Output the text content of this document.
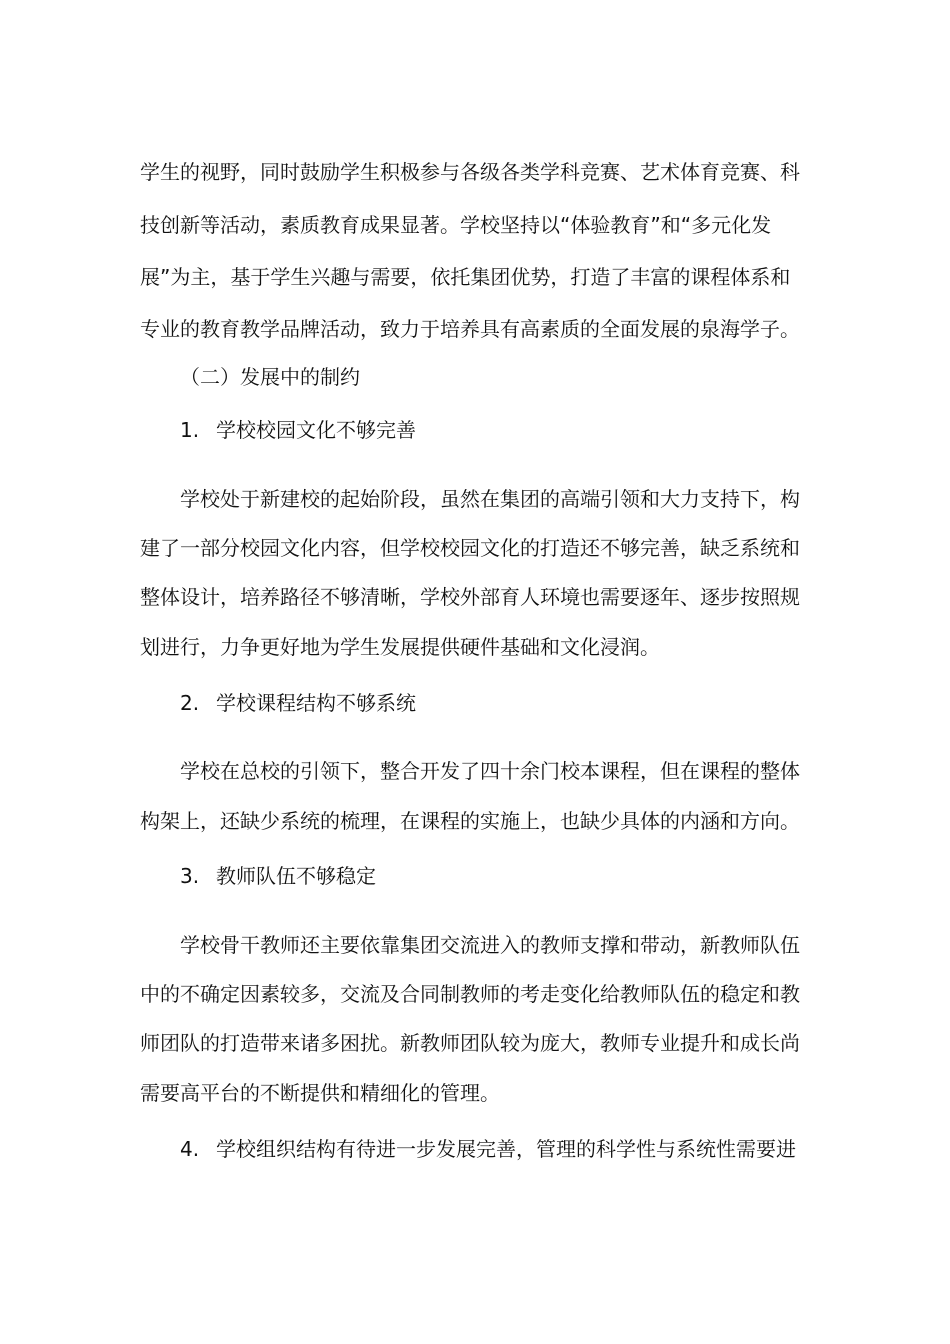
学生的视野，同时鼓励学生积极参与各级各类学科竞赛、艺术体育竞赛、科
技创新等活动，素质教育成果显著。学校坚持以“体验教育”和“多元化发
展”为主，基于学生兴趣与需要，依托集团优势，打造了丰富的课程体系和
专业的教育教学品牌活动，致力于培养具有高素质的全面发展的泉海学子。
（二）发展中的制约
1. 学校校园文化不够完善
学校处于新建校的起始阶段，虽然在集团的高端引领和大力支持下，构
建了一部分校园文化内容，但学校校园文化的打造还不够完善，缺乏系统和
整体设计，培养路径不够清晰，学校外部育人环境也需要逐年、逐步按照规
划进行，力争更好地为学生发展提供硬件基础和文化浸润。
2. 学校课程结构不够系统
学校在总校的引领下，整合开发了四十余门校本课程，但在课程的整体
构架上，还缺少系统的梳理，在课程的实施上，也缺少具体的内涵和方向。
3. 教师队伍不够稳定
学校骨干教师还主要依靠集团交流进入的教师支撑和带动，新教师队伍
中的不确定因素较多，交流及合同制教师的考走变化给教师队伍的稳定和教
师团队的打造带来诸多困扰。新教师团队较为庞大，教师专业提升和成长尚
需要高平台的不断提供和精细化的管理。
4. 学校组织结构有待进一步发展完善，管理的科学性与系统性需要进
